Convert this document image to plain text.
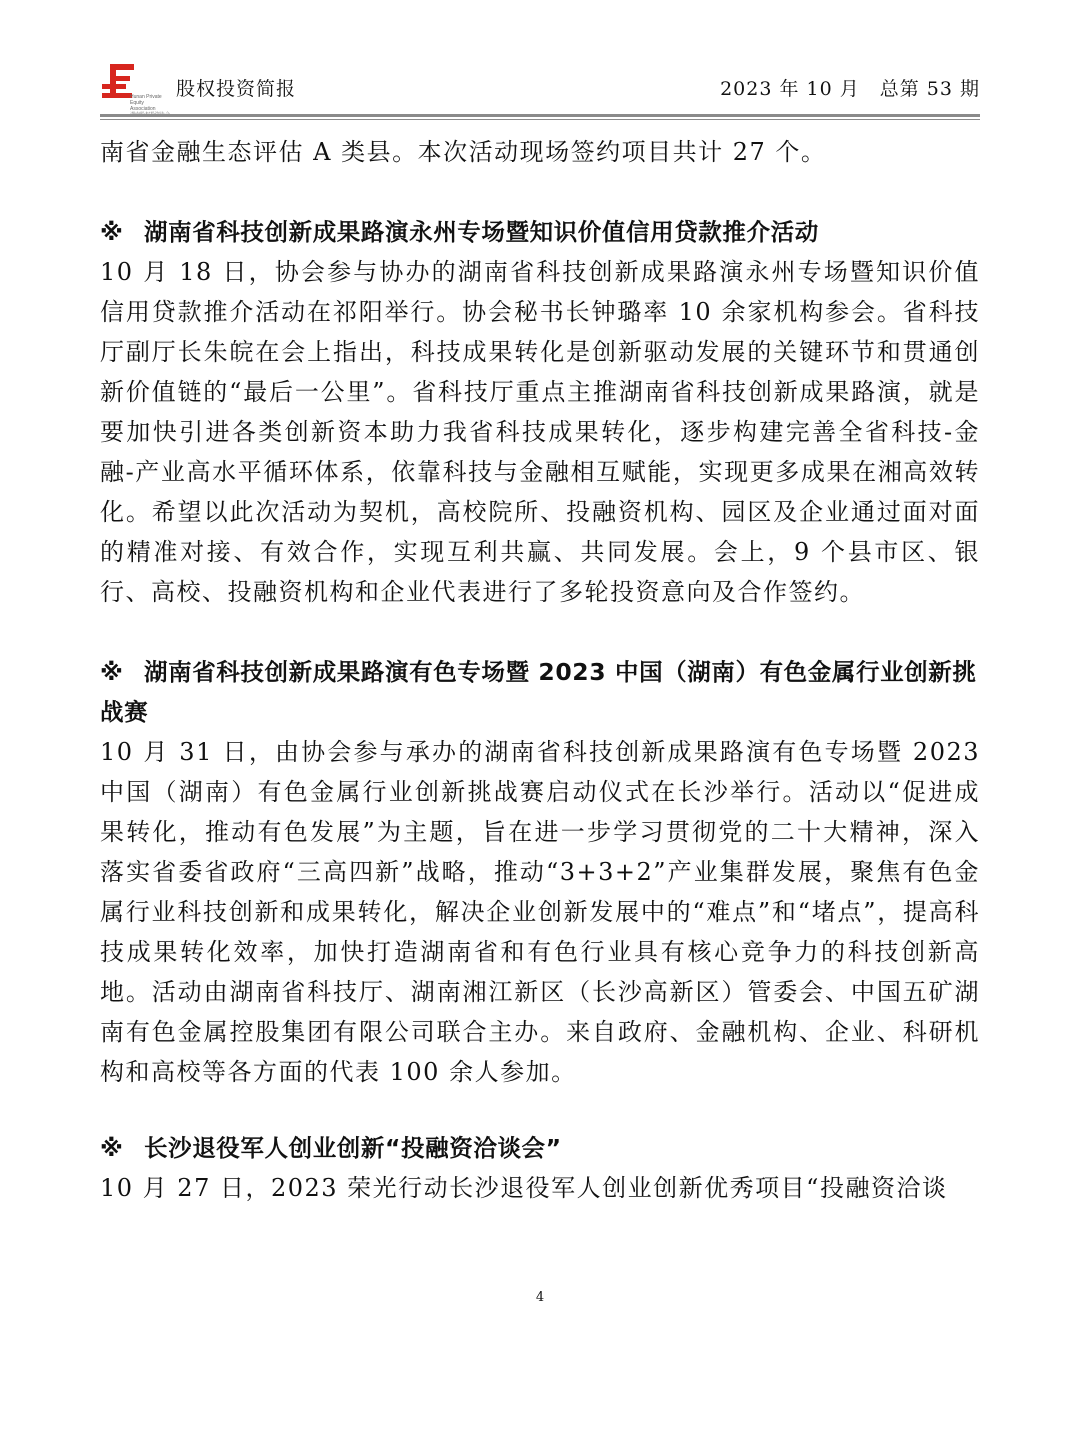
Hunan Private
Equity Association
股权投资简报	2023 年 10 月　总第 53 期

南省金融生态评估 A 类县。本次活动现场签约项目共计 27 个。

※ 湖南省科技创新成果路演永州专场暨知识价值信用贷款推介活动

10 月 18 日，协会参与协办的湖南省科技创新成果路演永州专场暨知识价值信用贷款推介活动在祁阳举行。协会秘书长钟璐率 10 余家机构参会。省科技厅副厅长朱皖在会上指出，科技成果转化是创新驱动发展的关键环节和贯通创新价值链的“最后一公里”。省科技厅重点主推湖南省科技创新成果路演，就是要加快引进各类创新资本助力我省科技成果转化，逐步构建完善全省科技-金融-产业高水平循环体系，依靠科技与金融相互赋能，实现更多成果在湘高效转化。希望以此次活动为契机，高校院所、投融资机构、园区及企业通过面对面的精准对接、有效合作，实现互利共赢、共同发展。会上，9 个县市区、银行、高校、投融资机构和企业代表进行了多轮投资意向及合作签约。

※ 湖南省科技创新成果路演有色专场暨 2023 中国（湖南）有色金属行业创新挑战赛

10 月 31 日，由协会参与承办的湖南省科技创新成果路演有色专场暨 2023 中国（湖南）有色金属行业创新挑战赛启动仪式在长沙举行。活动以“促进成果转化，推动有色发展”为主题，旨在进一步学习贯彻党的二十大精神，深入落实省委省政府“三高四新”战略，推动“3+3+2”产业集群发展，聚焦有色金属行业科技创新和成果转化，解决企业创新发展中的“难点”和“堵点”，提高科技成果转化效率，加快打造湖南省和有色行业具有核心竞争力的科技创新高地。活动由湖南省科技厅、湖南湘江新区（长沙高新区）管委会、中国五矿湖南有色金属控股集团有限公司联合主办。来自政府、金融机构、企业、科研机构和高校等各方面的代表 100 余人参加。

※ 长沙退役军人创业创新“投融资洽谈会”

10 月 27 日，2023 荣光行动长沙退役军人创业创新优秀项目“投融资洽谈

4
